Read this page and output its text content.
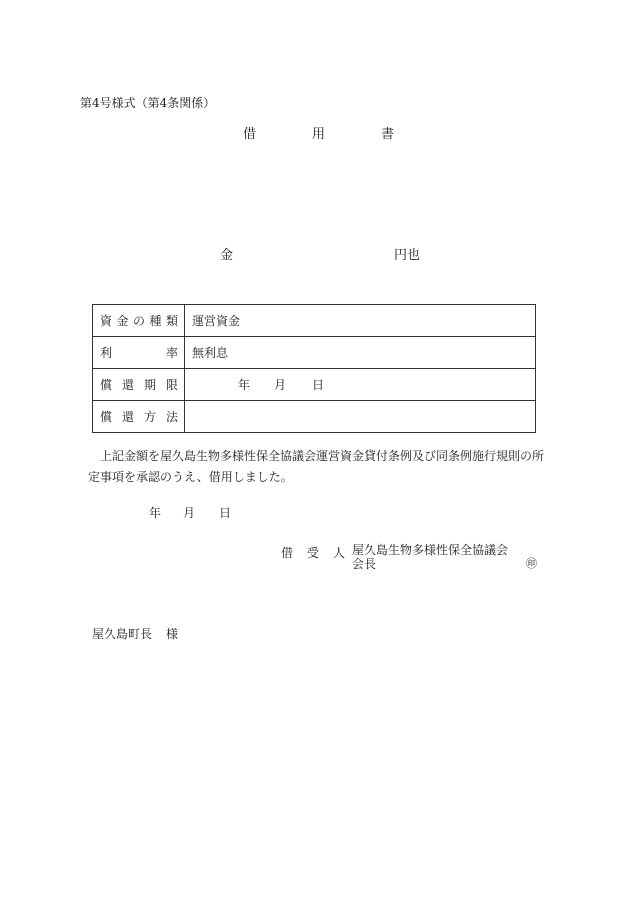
第4号様式（第4条関係）
借	用	書
金	円也
資 金 の 種 類	運営資金

利 率	無利息

償 還 期 限	年 月 日

償 還 方 法	

　上記金額を屋久島生物多様性保全協議会運営資金貸付条例及び同条例施行規則の所定事項を承認のうえ、借用しました。
年 月 日
借 受 人 屋久島生物多様性保全協議会
会長	㊞
屋久島町長 様
